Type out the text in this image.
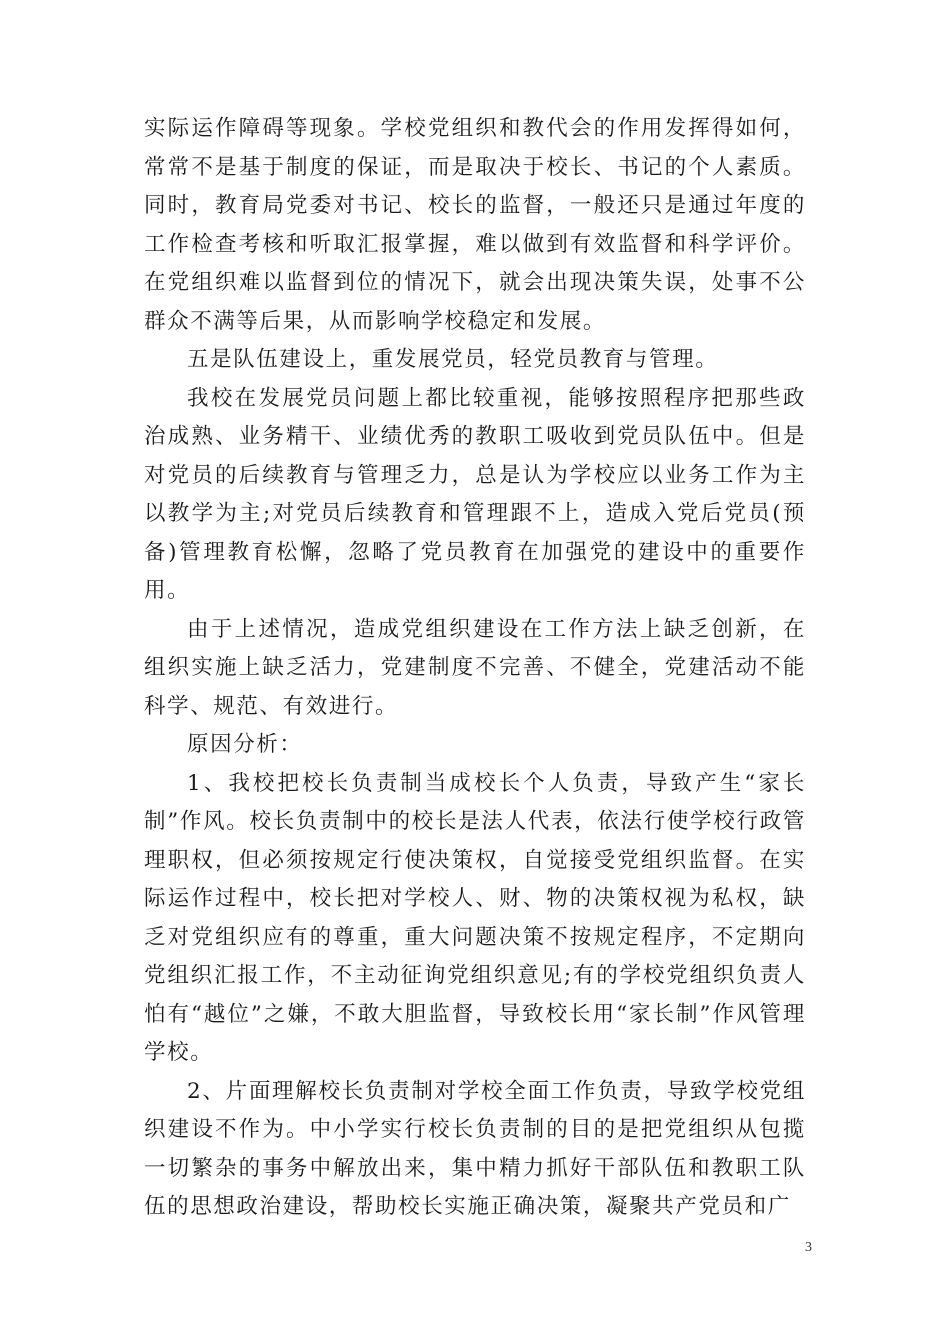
实际运作障碍等现象。学校党组织和教代会的作用发挥得如何，常常不是基于制度的保证，而是取决于校长、书记的个人素质。同时，教育局党委对书记、校长的监督，一般还只是通过年度的工作检查考核和听取汇报掌握，难以做到有效监督和科学评价。在党组织难以监督到位的情况下，就会出现决策失误，处事不公群众不满等后果，从而影响学校稳定和发展。

五是队伍建设上，重发展党员，轻党员教育与管理。

我校在发展党员问题上都比较重视，能够按照程序把那些政治成熟、业务精干、业绩优秀的教职工吸收到党员队伍中。但是对党员的后续教育与管理乏力，总是认为学校应以业务工作为主以教学为主;对党员后续教育和管理跟不上，造成入党后党员(预备)管理教育松懈，忽略了党员教育在加强党的建设中的重要作用。

由于上述情况，造成党组织建设在工作方法上缺乏创新，在组织实施上缺乏活力，党建制度不完善、不健全，党建活动不能科学、规范、有效进行。

原因分析：

1、我校把校长负责制当成校长个人负责，导致产生“家长制”作风。校长负责制中的校长是法人代表，依法行使学校行政管理职权，但必须按规定行使决策权，自觉接受党组织监督。在实际运作过程中，校长把对学校人、财、物的决策权视为私权，缺乏对党组织应有的尊重，重大问题决策不按规定程序，不定期向党组织汇报工作，不主动征询党组织意见;有的学校党组织负责人怕有“越位”之嫌，不敢大胆监督，导致校长用“家长制”作风管理学校。

2、片面理解校长负责制对学校全面工作负责，导致学校党组织建设不作为。中小学实行校长负责制的目的是把党组织从包揽一切繁杂的事务中解放出来，集中精力抓好干部队伍和教职工队伍的思想政治建设，帮助校长实施正确决策，凝聚共产党员和广

3
